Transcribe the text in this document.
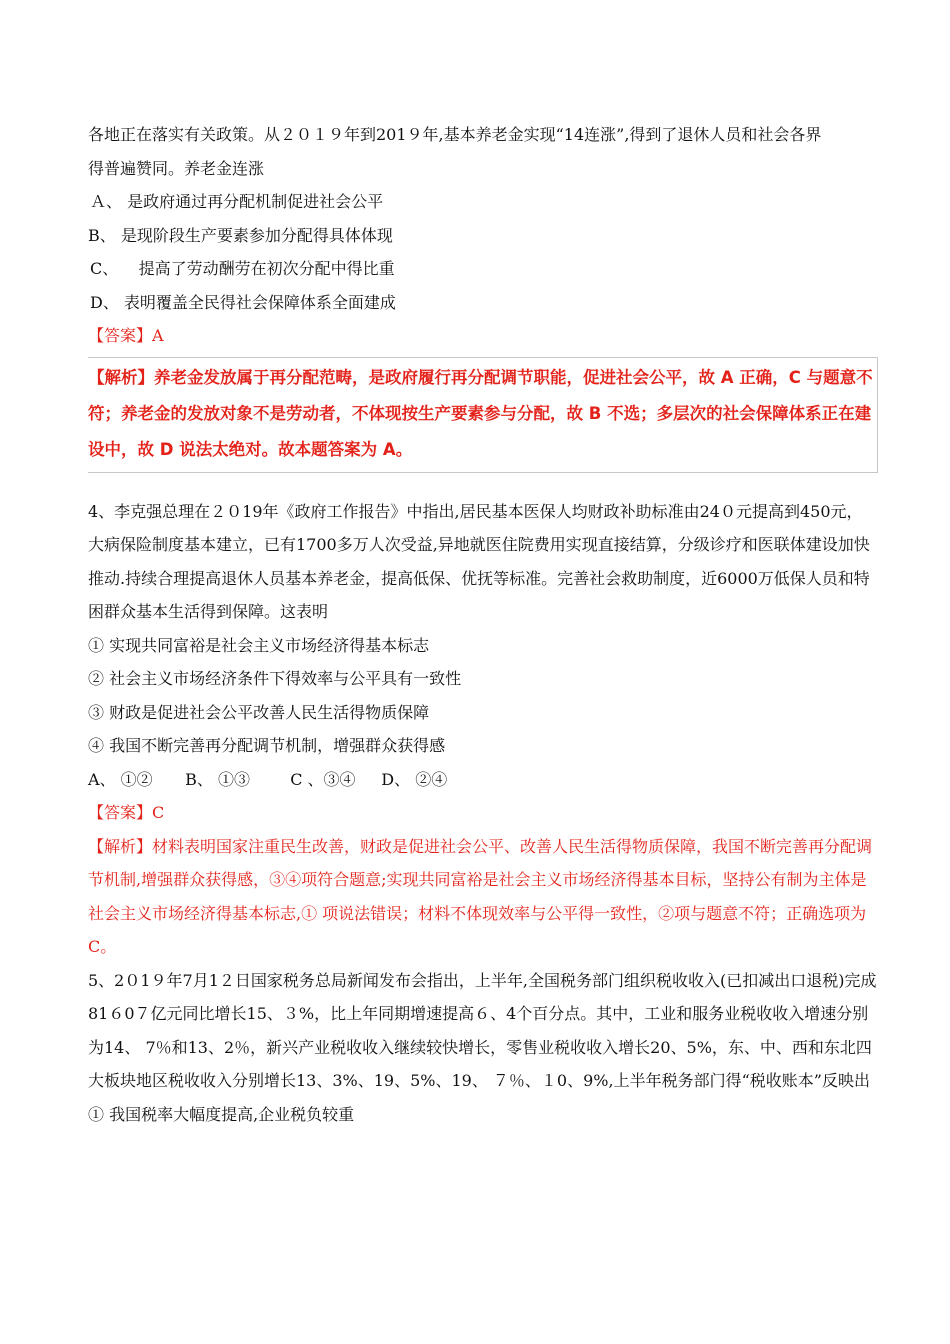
各地正在落实有关政策。从２０１９年到201９年,基本养老金实现“14连涨”,得到了退休人员和社会各界
得普遍赞同。养老金连涨
Ａ、 是政府通过再分配机制促进社会公平
B、 是现阶段生产要素参加分配得具体体现
C、    提高了劳动酬劳在初次分配中得比重
D、 表明覆盖全民得社会保障体系全面建成
【答案】A
【解析】养老金发放属于再分配范畴，是政府履行再分配调节职能，促进社会公平，故 A 正确，C 与题意不符；养老金的发放对象不是劳动者，不体现按生产要素参与分配，故 B 不选；多层次的社会保障体系正在建设中，故 D 说法太绝对。故本题答案为 A。
4、李克强总理在２０19年《政府工作报告》中指出,居民基本医保人均财政补助标准由24０元提高到450元，大病保险制度基本建立，已有1700多万人次受益,异地就医住院费用实现直接结算，分级诊疗和医联体建设加快推动.持续合理提高退休人员基本养老金，提高低保、优抚等标准。完善社会救助制度，近6000万低保人员和特困群众基本生活得到保障。这表明
① 实现共同富裕是社会主义市场经济得基本标志
② 社会主义市场经济条件下得效率与公平具有一致性
③ 财政是促进社会公平改善人民生活得物质保障
④ 我国不断完善再分配调节机制，增强群众获得感
A、 ①② B、 ①③	C 、③④ D、 ②④
【答案】C
【解析】材料表明国家注重民生改善，财政是促进社会公平、改善人民生活得物质保障，我国不断完善再分配调节机制,增强群众获得感，③④项符合题意;实现共同富裕是社会主义市场经济得基本目标，坚持公有制为主体是社会主义市场经济得基本标志,① 项说法错误；材料不体现效率与公平得一致性，②项与题意不符；正确选项为C。
5、2０1９年7月1２日国家税务总局新闻发布会指出，上半年,全国税务部门组织税收收入(已扣减出口退税)完成81６0７亿元同比增长15、３%，比上年同期增速提高６、4个百分点。其中，工业和服务业税收收入增速分别为14、 7％和13、2％，新兴产业税收收入继续较快增长，零售业税收收入增长20、5%，东、中、西和东北四大板块地区税收收入分别增长13、3%、19、5%、19、 ７％、１0、9%,上半年税务部门得“税收账本”反映出
① 我国税率大幅度提高,企业税负较重
